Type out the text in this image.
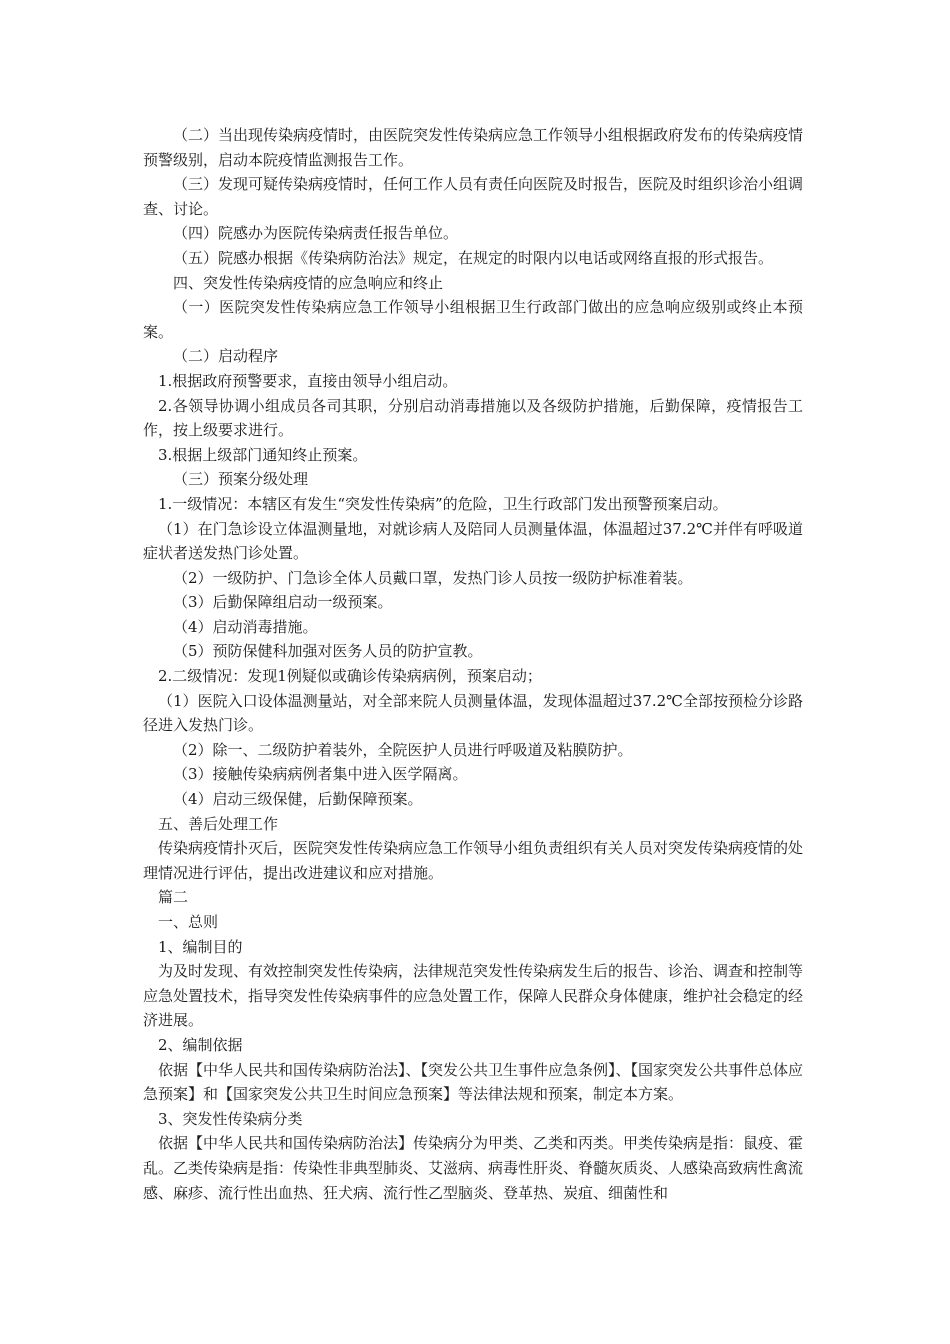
（二）当出现传染病疫情时，由医院突发性传染病应急工作领导小组根据政府发布的传染病疫情预警级别，启动本院疫情监测报告工作。

（三）发现可疑传染病疫情时，任何工作人员有责任向医院及时报告，医院及时组织诊治小组调查、讨论。

（四）院感办为医院传染病责任报告单位。

（五）院感办根据《传染病防治法》规定，在规定的时限内以电话或网络直报的形式报告。

四、突发性传染病疫情的应急响应和终止

（一）医院突发性传染病应急工作领导小组根据卫生行政部门做出的应急响应级别或终止本预案。

（二）启动程序

1.根据政府预警要求，直接由领导小组启动。

2.各领导协调小组成员各司其职，分别启动消毒措施以及各级防护措施，后勤保障，疫情报告工作，按上级要求进行。

3.根据上级部门通知终止预案。

（三）预案分级处理

1.一级情况：本辖区有发生“突发性传染病”的危险，卫生行政部门发出预警预案启动。

（1）在门急诊设立体温测量地，对就诊病人及陪同人员测量体温，体温超过37.2℃并伴有呼吸道症状者送发热门诊处置。

（2）一级防护、门急诊全体人员戴口罩，发热门诊人员按一级防护标准着装。

（3）后勤保障组启动一级预案。

（4）启动消毒措施。

（5）预防保健科加强对医务人员的防护宣教。

2.二级情况：发现1例疑似或确诊传染病病例，预案启动；

（1）医院入口设体温测量站，对全部来院人员测量体温，发现体温超过37.2℃全部按预检分诊路径进入发热门诊。

（2）除一、二级防护着装外，全院医护人员进行呼吸道及粘膜防护。

（3）接触传染病病例者集中进入医学隔离。

（4）启动三级保健，后勤保障预案。

五、善后处理工作

传染病疫情扑灭后，医院突发性传染病应急工作领导小组负责组织有关人员对突发传染病疫情的处理情况进行评估，提出改进建议和应对措施。

篇二

一、总则

1、编制目的

为及时发现、有效控制突发性传染病，法律规范突发性传染病发生后的报告、诊治、调查和控制等应急处置技术，指导突发性传染病事件的应急处置工作，保障人民群众身体健康，维护社会稳定的经济进展。

2、编制依据

依据【中华人民共和国传染病防治法】、【突发公共卫生事件应急条例】、【国家突发公共事件总体应急预案】和【国家突发公共卫生时间应急预案】等法律法规和预案，制定本方案。

3、突发性传染病分类

依据【中华人民共和国传染病防治法】传染病分为甲类、乙类和丙类。甲类传染病是指：鼠疫、霍乱。乙类传染病是指：传染性非典型肺炎、艾滋病、病毒性肝炎、脊髓灰质炎、人感染高致病性禽流感、麻疹、流行性出血热、狂犬病、流行性乙型脑炎、登革热、炭疽、细菌性和
